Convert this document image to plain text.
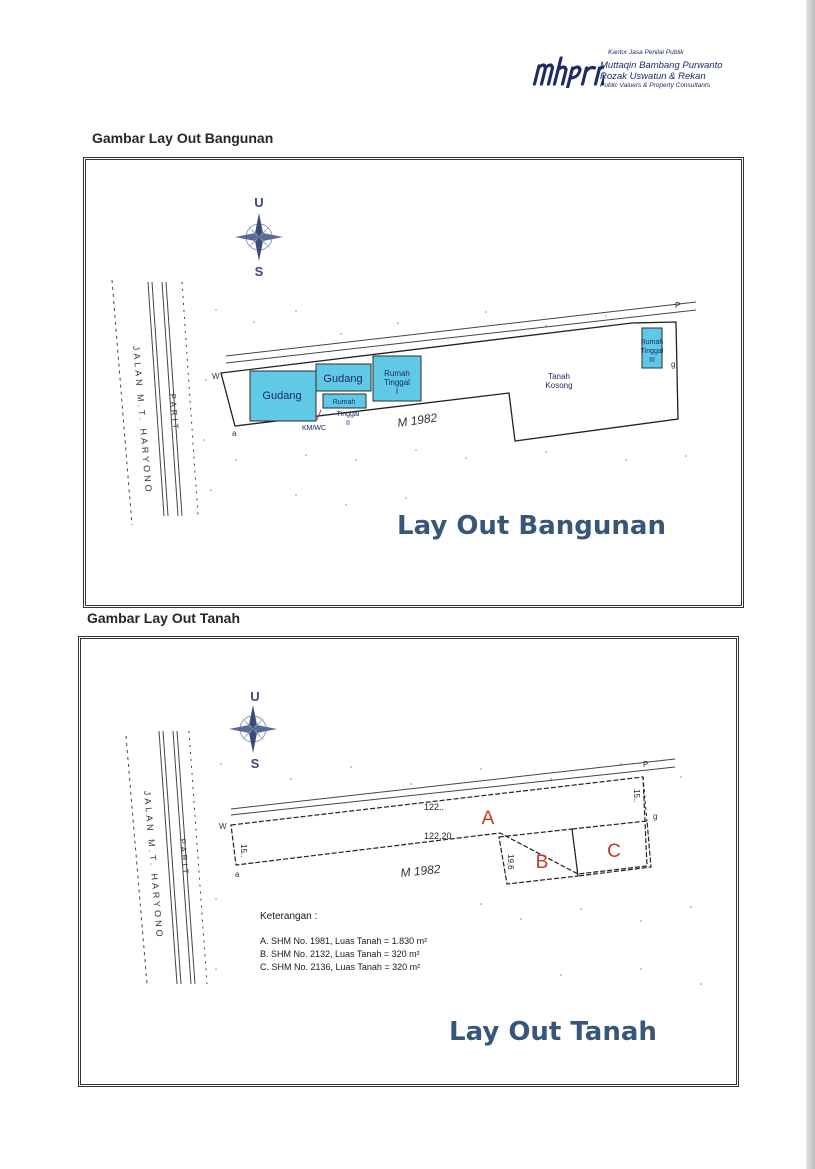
Kantor Jasa Penilai Publik
Muttaqin Bambang Purwanto
Rozak Uswatun & Rekan
Public Valuers & Property Consultants
Gambar Lay Out Bangunan
U
S
JALAN M.T. HARYONO PARIT
P
W
a
g
Gudang
Gudang	Rumah
Tinggal
I
Rumah
Tinggal
II
Rumah
Tinggal
III
KM/WC
Tanah
Kosong
M 1982
Lay Out Bangunan
Gambar Lay Out Tanah
U
S
JALAN M.T. HARYONO PARIT
P
W
a
g
122..
122,20
15..
15..
19,6
A
B
C
M 1982
Keterangan :
A. SHM No. 1981, Luas Tanah = 1.830 m²
B. SHM No. 2132, Luas Tanah = 320 m²
C. SHM No. 2136, Luas Tanah = 320 m²
Lay Out Tanah
